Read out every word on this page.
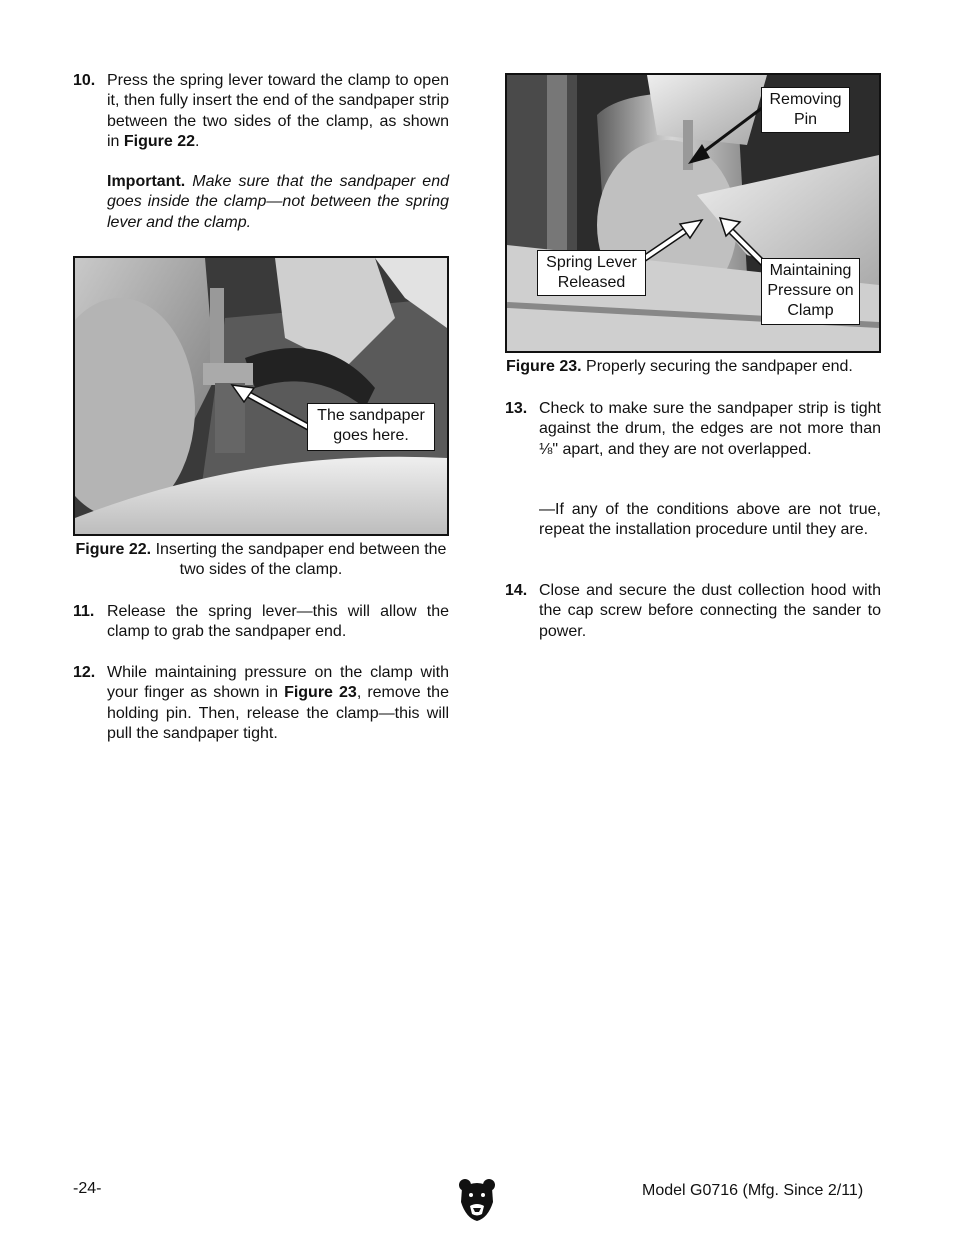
10. Press the spring lever toward the clamp to open it, then fully insert the end of the sandpaper strip between the two sides of the clamp, as shown in Figure 22.
Important. Make sure that the sandpaper end goes inside the clamp—not between the spring lever and the clamp.
The sandpaper goes here.
Figure 22. Inserting the sandpaper end between the two sides of the clamp.
11. Release the spring lever—this will allow the clamp to grab the sandpaper end.
12. While maintaining pressure on the clamp with your finger as shown in Figure 23, remove the holding pin. Then, release the clamp—this will pull the sandpaper tight.
Removing Pin
Spring Lever Released
Maintaining Pressure on Clamp
Figure 23. Properly securing the sandpaper end.
13. Check to make sure the sandpaper strip is tight against the drum, the edges are not more than ⅛" apart, and they are not overlapped.
—If any of the conditions above are not true, repeat the installation procedure until they are.
14. Close and secure the dust collection hood with the cap screw before connecting the sander to power.
-24-	Model G0716 (Mfg. Since 2/11)
